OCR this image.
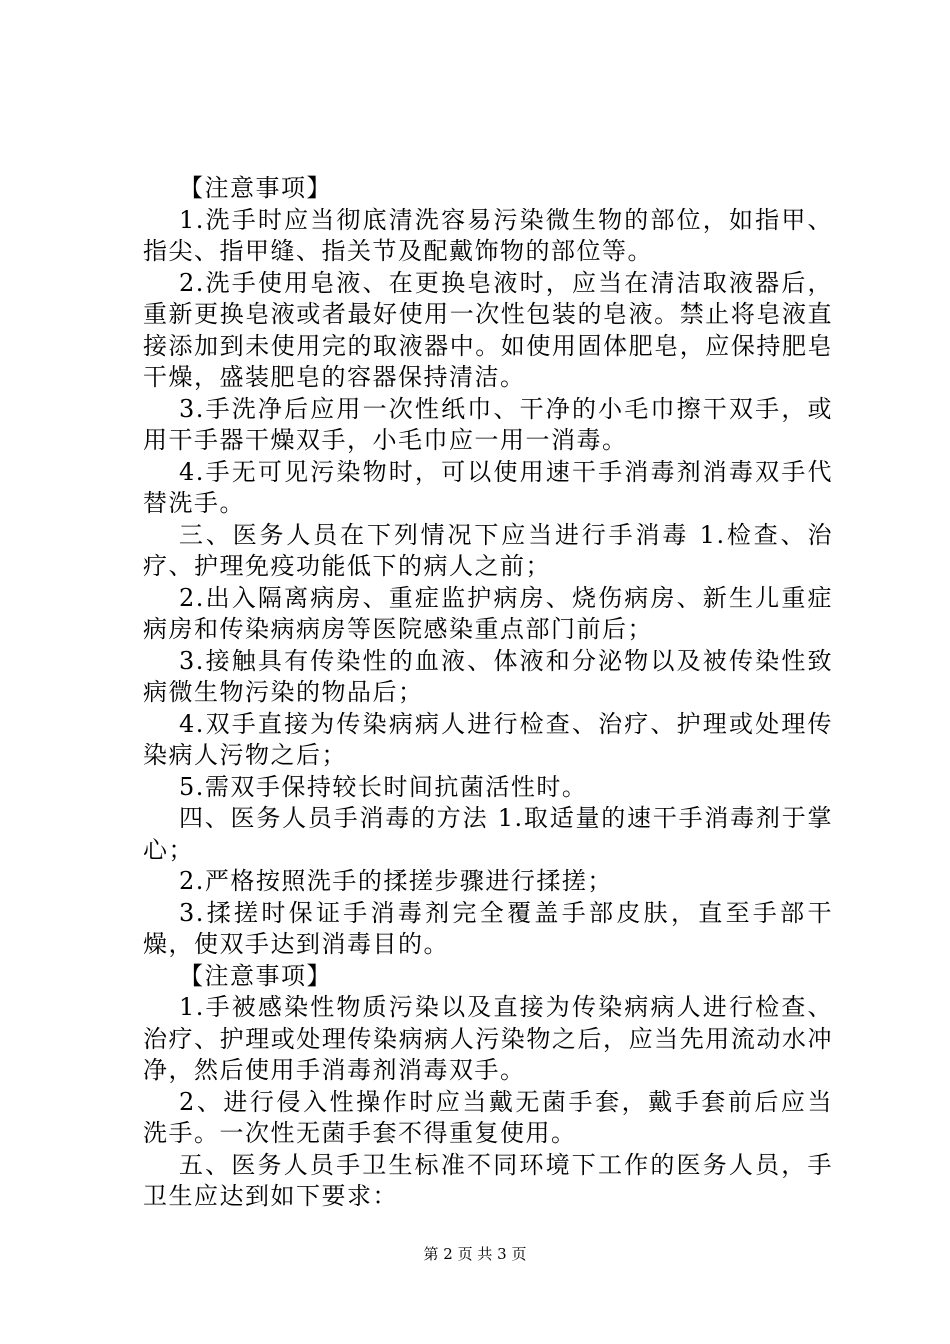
【注意事项】

1.洗手时应当彻底清洗容易污染微生物的部位，如指甲、指尖、指甲缝、指关节及配戴饰物的部位等。

2.洗手使用皂液、在更换皂液时，应当在清洁取液器后，重新更换皂液或者最好使用一次性包装的皂液。禁止将皂液直接添加到未使用完的取液器中。如使用固体肥皂，应保持肥皂干燥，盛装肥皂的容器保持清洁。

3.手洗净后应用一次性纸巾、干净的小毛巾擦干双手，或用干手器干燥双手，小毛巾应一用一消毒。

4.手无可见污染物时，可以使用速干手消毒剂消毒双手代替洗手。

三、医务人员在下列情况下应当进行手消毒 1.检查、治疗、护理免疫功能低下的病人之前；

2.出入隔离病房、重症监护病房、烧伤病房、新生儿重症病房和传染病病房等医院感染重点部门前后；

3.接触具有传染性的血液、体液和分泌物以及被传染性致病微生物污染的物品后；

4.双手直接为传染病病人进行检查、治疗、护理或处理传染病人污物之后；

5.需双手保持较长时间抗菌活性时。

四、医务人员手消毒的方法 1.取适量的速干手消毒剂于掌心；

2.严格按照洗手的揉搓步骤进行揉搓；

3.揉搓时保证手消毒剂完全覆盖手部皮肤，直至手部干燥，使双手达到消毒目的。

【注意事项】

1.手被感染性物质污染以及直接为传染病病人进行检查、治疗、护理或处理传染病病人污染物之后，应当先用流动水冲净，然后使用手消毒剂消毒双手。

2、进行侵入性操作时应当戴无菌手套，戴手套前后应当洗手。一次性无菌手套不得重复使用。

五、医务人员手卫生标准不同环境下工作的医务人员，手卫生应达到如下要求：

第 2 页 共 3 页
